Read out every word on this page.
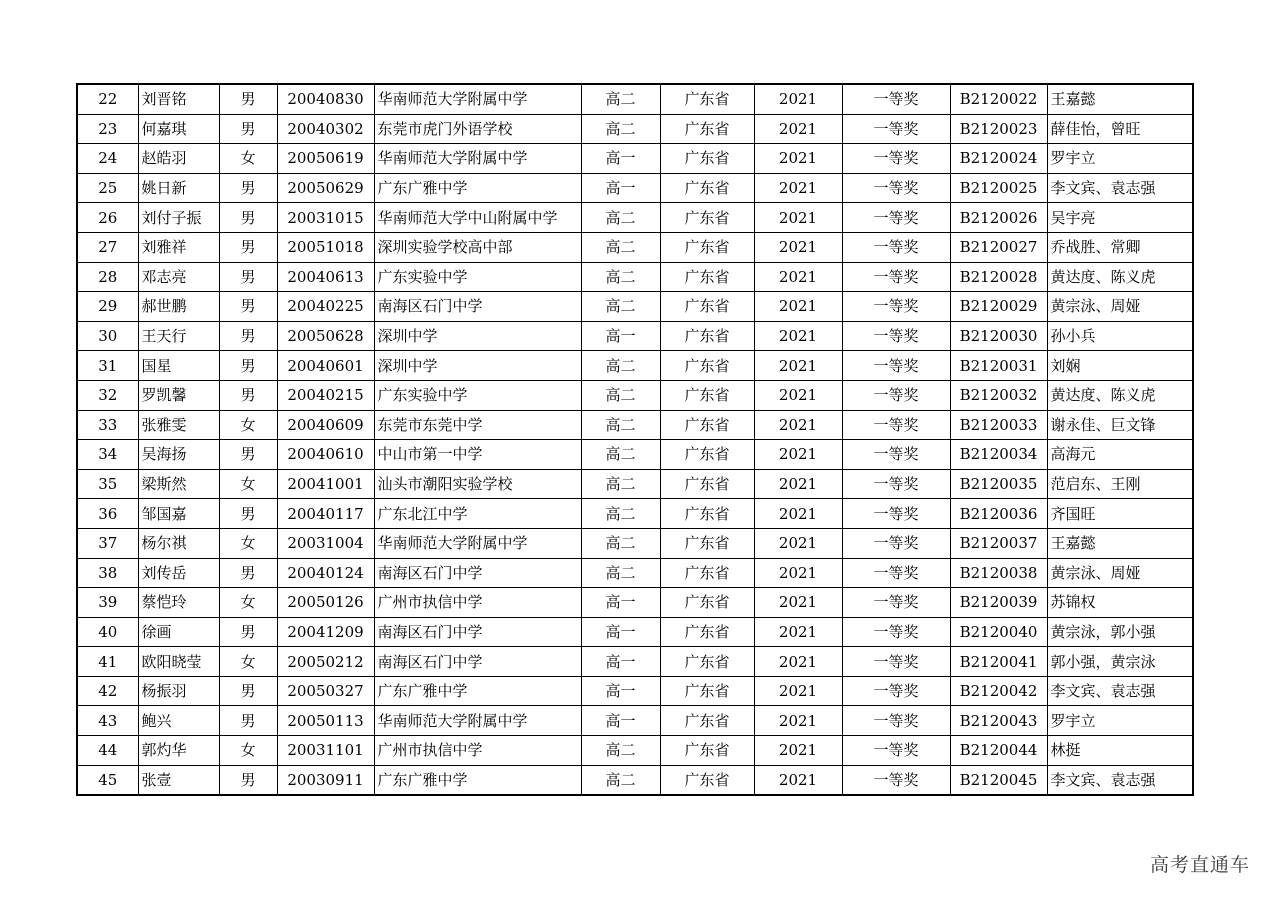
22	刘晋铭	男	20040830	华南师范大学附属中学	高二	广东省	2021	一等奖	B2120022	王嘉懿
23	何嘉琪	男	20040302	东莞市虎门外语学校	高二	广东省	2021	一等奖	B2120023	薛佳怡，曾旺
24	赵皓羽	女	20050619	华南师范大学附属中学	高一	广东省	2021	一等奖	B2120024	罗宇立
25	姚日新	男	20050629	广东广雅中学	高一	广东省	2021	一等奖	B2120025	李文宾、袁志强
26	刘付子振	男	20031015	华南师范大学中山附属中学	高二	广东省	2021	一等奖	B2120026	吴宇亮
27	刘雅祥	男	20051018	深圳实验学校高中部	高二	广东省	2021	一等奖	B2120027	乔战胜、常卿
28	邓志亮	男	20040613	广东实验中学	高二	广东省	2021	一等奖	B2120028	黄达度、陈义虎
29	郝世鹏	男	20040225	南海区石门中学	高二	广东省	2021	一等奖	B2120029	黄宗泳、周娅
30	王天行	男	20050628	深圳中学	高一	广东省	2021	一等奖	B2120030	孙小兵
31	国星	男	20040601	深圳中学	高二	广东省	2021	一等奖	B2120031	刘娴
32	罗凯馨	男	20040215	广东实验中学	高二	广东省	2021	一等奖	B2120032	黄达度、陈义虎
33	张雅雯	女	20040609	东莞市东莞中学	高二	广东省	2021	一等奖	B2120033	谢永佳、巨文锋
34	吴海扬	男	20040610	中山市第一中学	高二	广东省	2021	一等奖	B2120034	高海元
35	梁斯然	女	20041001	汕头市潮阳实验学校	高二	广东省	2021	一等奖	B2120035	范启东、王刚
36	邹国嘉	男	20040117	广东北江中学	高二	广东省	2021	一等奖	B2120036	齐国旺
37	杨尔祺	女	20031004	华南师范大学附属中学	高二	广东省	2021	一等奖	B2120037	王嘉懿
38	刘传岳	男	20040124	南海区石门中学	高二	广东省	2021	一等奖	B2120038	黄宗泳、周娅
39	蔡恺玲	女	20050126	广州市执信中学	高一	广东省	2021	一等奖	B2120039	苏锦权
40	徐画	男	20041209	南海区石门中学	高一	广东省	2021	一等奖	B2120040	黄宗泳，郭小强
41	欧阳晓莹	女	20050212	南海区石门中学	高一	广东省	2021	一等奖	B2120041	郭小强，黄宗泳
42	杨振羽	男	20050327	广东广雅中学	高一	广东省	2021	一等奖	B2120042	李文宾、袁志强
43	鲍兴	男	20050113	华南师范大学附属中学	高一	广东省	2021	一等奖	B2120043	罗宇立
44	郭灼华	女	20031101	广州市执信中学	高二	广东省	2021	一等奖	B2120044	林挺
45	张壹	男	20030911	广东广雅中学	高二	广东省	2021	一等奖	B2120045	李文宾、袁志强
高考直通车
